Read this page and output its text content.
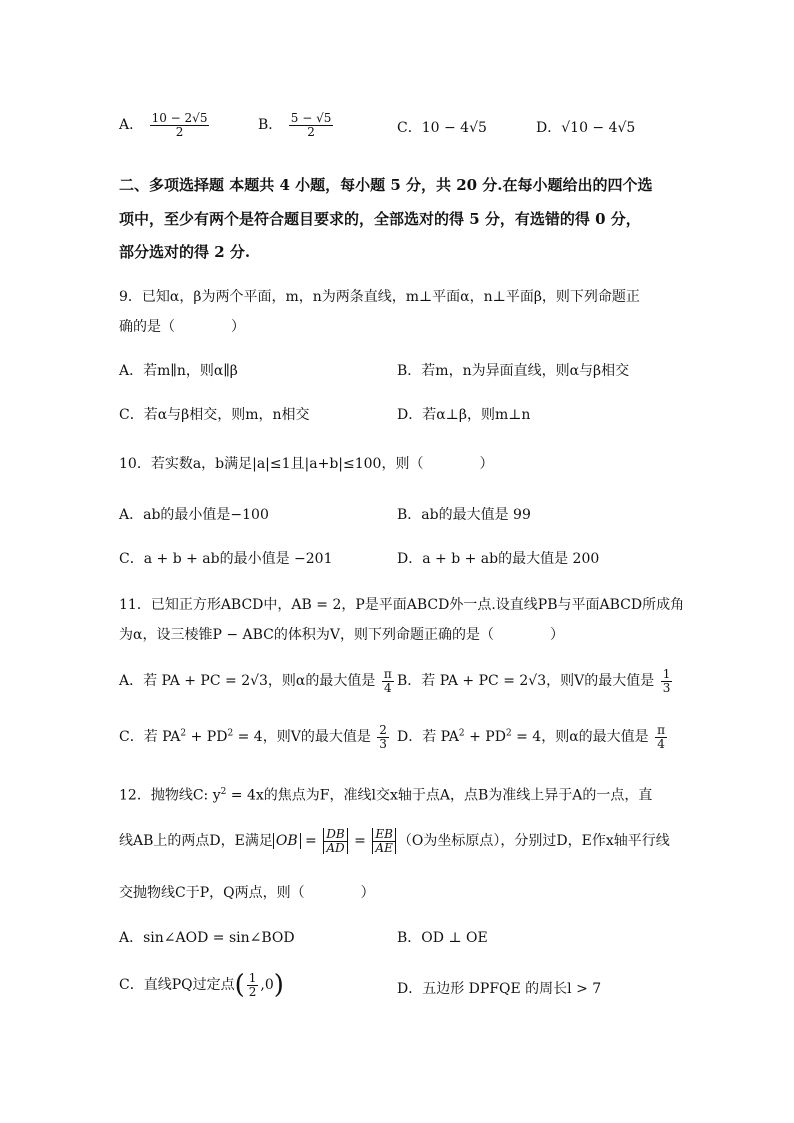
A． $\frac{10 - 2√5}{2}$	B． $\frac{5 - √5}{2}$	C．10 − 4√5	D．√10 − 4√5
二、多项选择题 本题共 4 小题，每小题 5 分，共 20 分.在每小题给出的四个选
项中，至少有两个是符合题目要求的，全部选对的得 5 分，有选错的得 0 分，
部分选对的得 2 分.
9．已知α，β为两个平面，m，n为两条直线，m⊥平面α，n⊥平面β，则下列命题正
确的是（　　　　）
A．若m∥n，则α∥β	B．若m，n为异面直线，则α与β相交
C．若α与β相交，则m，n相交	D．若α⊥β，则m⊥n
10．若实数a，b满足|a|≤1且|a+b|≤100，则（　　　　）
A．ab的最小值是−100	B．ab的最大值是 99
C．a + b + ab的最小值是 −201	D．a + b + ab的最大值是 200
11．已知正方形ABCD中，AB = 2，P是平面ABCD外一点.设直线PB与平面ABCD所成角
为α，设三棱锥P − ABC的体积为V，则下列命题正确的是（　　　　）
A．若 PA + PC = 2√3，则α的最大值是 $\frac{\pi}{4}$ B．若 PA + PC = 2√3，则V的最大值是 $\frac{1}{3}$
C．若 $PA^2 + PD^2 = 4$，则V的最大值是 $\frac{2}{3}$ D．若 $PA^2 + PD^2 = 4$，则α的最大值是 $\frac{\pi}{4}$
12．抛物线C: $y^2 = 4x$的焦点为F，准线l交x轴于点A，点B为准线上异于A的一点，直
线AB上的两点D，E满足 OB = $\frac{DB}{AD} = \frac{EB}{AE} (O$为坐标原点），分别过D，E作x轴平行线
交抛物线C于P，Q两点，则（　　　　）
A．sin∠AOD = sin∠BOD	B．OD ⊥ OE
C．直线PQ过定点( $\frac{1}{2} ,0$)	D．五边形 DPFQE 的周长l > 7
